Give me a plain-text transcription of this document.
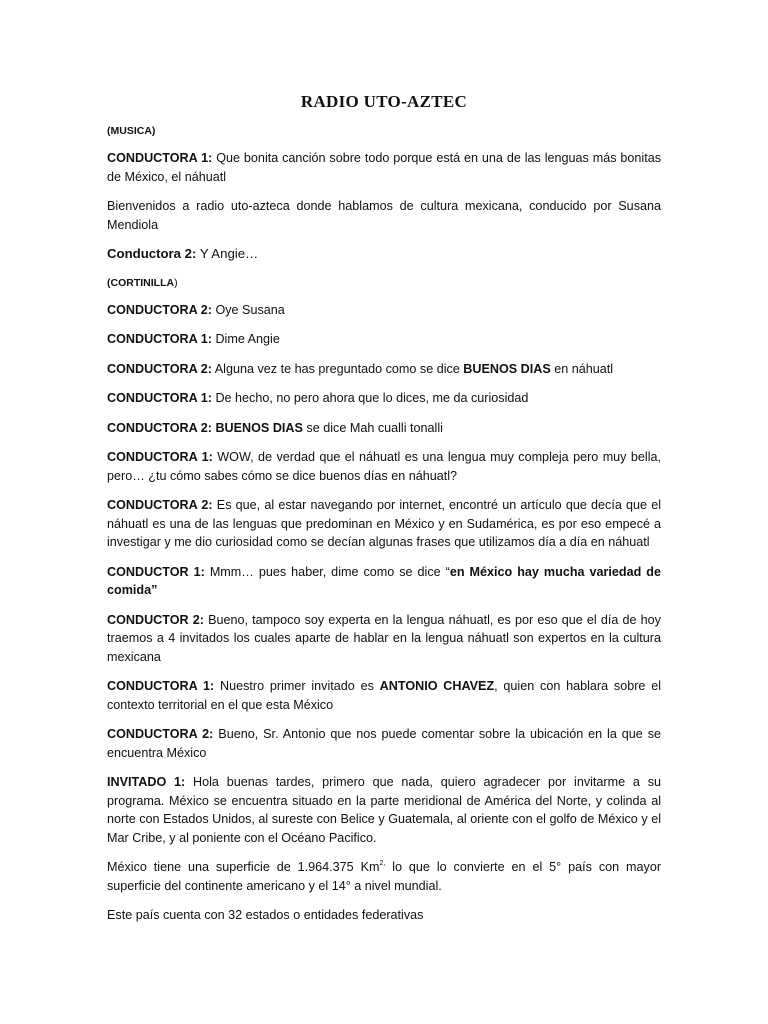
RADIO UTO-AZTEC

(MUSICA)

CONDUCTORA 1: Que bonita canción sobre todo porque está en una de las lenguas más bonitas de México, el náhuatl

Bienvenidos a radio uto-azteca donde hablamos de cultura mexicana, conducido por Susana Mendiola

Conductora 2: Y Angie…

(CORTINILLA)

CONDUCTORA 2: Oye Susana

CONDUCTORA 1: Dime Angie

CONDUCTORA 2: Alguna vez te has preguntado como se dice BUENOS DIAS en náhuatl

CONDUCTORA 1: De hecho, no pero ahora que lo dices, me da curiosidad

CONDUCTORA 2: BUENOS DIAS se dice Mah cualli tonalli

CONDUCTORA 1: WOW, de verdad que el náhuatl es una lengua muy compleja pero muy bella, pero… ¿tu cómo sabes cómo se dice buenos días en náhuatl?

CONDUCTORA 2: Es que, al estar navegando por internet, encontré un artículo que decía que el náhuatl es una de las lenguas que predominan en México y en Sudamérica, es por eso empecé a investigar y me dio curiosidad como se decían algunas frases que utilizamos día a día en náhuatl

CONDUCTOR 1: Mmm… pues haber, dime como se dice “en México hay mucha variedad de comida”

CONDUCTOR 2: Bueno, tampoco soy experta en la lengua náhuatl, es por eso que el día de hoy traemos a 4 invitados los cuales aparte de hablar en la lengua náhuatl son expertos en la cultura mexicana

CONDUCTORA 1: Nuestro primer invitado es ANTONIO CHAVEZ, quien con hablara sobre el contexto territorial en el que esta México

CONDUCTORA 2: Bueno, Sr. Antonio que nos puede comentar sobre la ubicación en la que se encuentra México

INVITADO 1: Hola buenas tardes, primero que nada, quiero agradecer por invitarme a su programa. México se encuentra situado en la parte meridional de América del Norte, y colinda al norte con Estados Unidos, al sureste con Belice y Guatemala, al oriente con el golfo de México y el Mar Cribe, y al poniente con el Océano Pacifico.

México tiene una superficie de 1.964.375 $Km^{2,}$ lo que lo convierte en el 5° país con mayor superficie del continente americano y el 14° a nivel mundial.

Este país cuenta con 32 estados o entidades federativas
